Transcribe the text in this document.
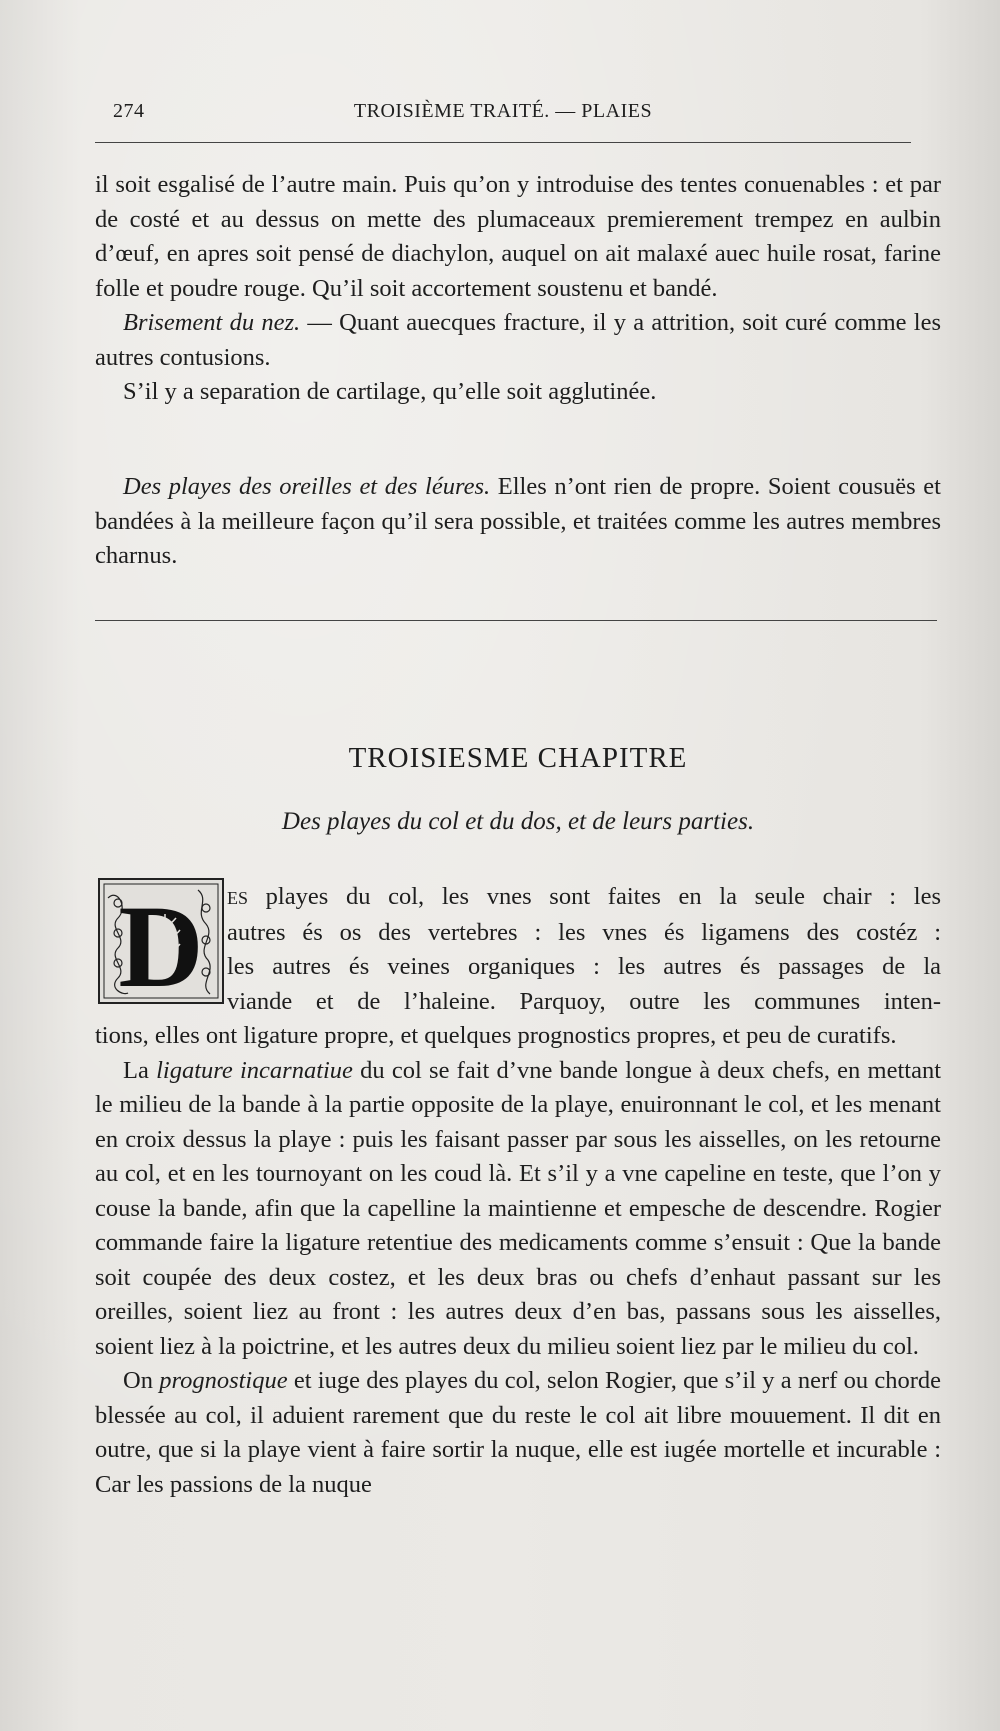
274	TROISIÈME TRAITÉ. — PLAIES

il soit esgalisé de l’autre main. Puis qu’on y introduise des tentes conuenables : et par de costé et au dessus on mette des plumaceaux premierement trempez en aulbin d’œuf, en apres soit pensé de diachylon, auquel on ait malaxé auec huile rosat, farine folle et poudre rouge. Qu’il soit accortement soustenu et bandé.

Brisement du nez. — Quant auecques fracture, il y a attrition, soit curé comme les autres contusions.

S’il y a separation de cartilage, qu’elle soit agglutinée.

Des playes des oreilles et des léures. Elles n’ont rien de propre. Soient cousuës et bandées à la meilleure façon qu’il sera possible, et traitées comme les autres membres charnus.

TROISIESME CHAPITRE
Des playes du col et du dos, et de leurs parties.
D	ES playes du col, les vnes sont faites en la seule chair : les
autres és os des vertebres : les vnes és ligamens des costéz :
les autres és veines organiques : les autres és passages de la
viande et de l’haleine. Parquoy, outre les communes inten-
tions, elles ont ligature propre, et quelques prognostics propres, et peu de curatifs.

La ligature incarnatiue du col se fait d’vne bande longue à deux chefs, en mettant le milieu de la bande à la partie opposite de la playe, enuironnant le col, et les menant en croix dessus la playe : puis les faisant passer par sous les aisselles, on les retourne au col, et en les tournoyant on les coud là. Et s’il y a vne capeline en teste, que l’on y couse la bande, afin que la capelline la maintienne et empesche de descendre. Rogier commande faire la ligature retentiue des medicaments comme s’ensuit : Que la bande soit coupée des deux costez, et les deux bras ou chefs d’enhaut passant sur les oreilles, soient liez au front : les autres deux d’en bas, passans sous les aisselles, soient liez à la poictrine, et les autres deux du milieu soient liez par le milieu du col.

On prognostique et iuge des playes du col, selon Rogier, que s’il y a nerf ou chorde blessée au col, il aduient rarement que du reste le col ait libre mouuement. Il dit en outre, que si la playe vient à faire sortir la nuque, elle est iugée mortelle et incurable : Car les passions de la nuque
